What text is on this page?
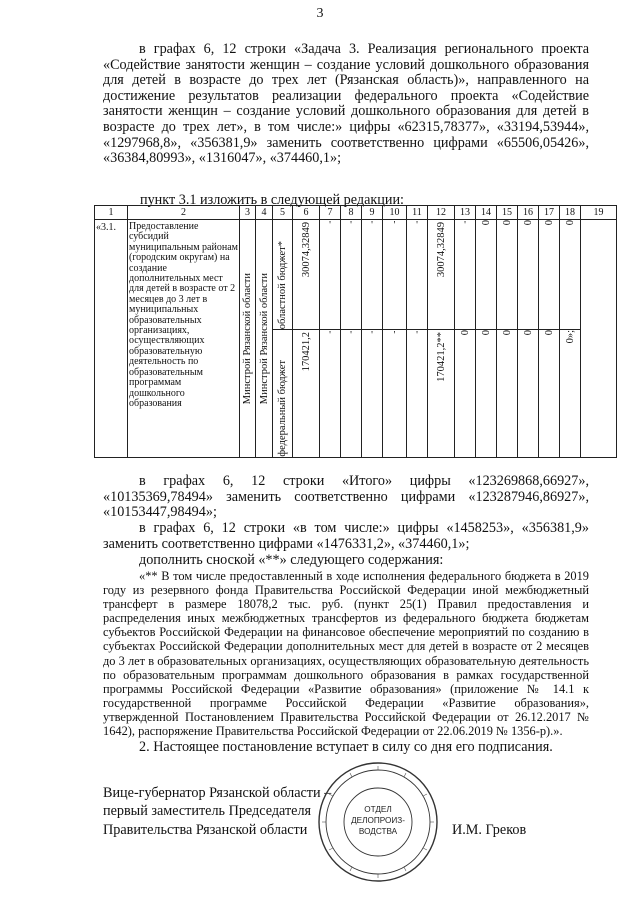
3

в графах 6, 12 строки «Задача 3. Реализация регионального проекта «Содействие занятости женщин – создание условий дошкольного образования для детей в возрасте до трех лет (Рязанская область)», направленного на достижение результатов реализации федерального проекта «Содействие занятости женщин – создание условий дошкольного образования для детей в возрасте до трех лет», в том числе:» цифры «62315,78377», «33194,53944», «1297968,8», «356381,9» заменить соответственно цифрами «65506,05426», «36384,80993», «1316047», «374460,1»;

пункт 3.1 изложить в следующей редакции:
1	2	3	4	5	6	7	8	9	10	11	12	13	14	15	16	17	18	19
«3.1.	Предоставление субсидий муниципальным районам (городским округам) на создание дополнительных мест для детей в возрасте от 2 месяцев до 3 лет в муниципальных образовательных организациях, осуществляющих образовательную деятельность по образовательным программам дошкольного образования	Минстрой Рязанской области	Минстрой Рязанской области	областной бюджет*	30074,32849	'	'	'	'	'	30074,32849	'	0	0	0	0	0	

				федеральный бюджет	170421,2	'	'	'	'	'	170421,2**	0	0	0	0	0	0»;	

в графах 6, 12 строки «Итого» цифры «123269868,66927», «10135369,78494» заменить соответственно цифрами «123287946,86927», «10153447,98494»;

в графах 6, 12 строки «в том числе:» цифры «1458253», «356381,9» заменить соответственно цифрами «1476331,2», «374460,1»;

дополнить сноской «**» следующего содержания:

«** В том числе предоставленный в ходе исполнения федерального бюджета в 2019 году из резервного фонда Правительства Российской Федерации иной межбюджетный трансферт в размере 18078,2 тыс. руб. (пункт 25(1) Правил предоставления и распределения иных межбюджетных трансфертов из федерального бюджета бюджетам субъектов Российской Федерации на финансовое обеспечение мероприятий по созданию в субъектах Российской Федерации дополнительных мест для детей в возрасте от 2 месяцев до 3 лет в образовательных организациях, осуществляющих образовательную деятельность по образовательным программам дошкольного образования в рамках государственной программы Российской Федерации «Развитие образования» (приложение № 14.1 к государственной программе Российской Федерации «Развитие образования», утвержденной Постановлением Правительства Российской Федерации от 26.12.2017 № 1642), распоряжение Правительства Российской Федерации от 22.06.2019 № 1356-р).».

2. Настоящее постановление вступает в силу со дня его подписания.

Вице-губернатор Рязанской области –
первый заместитель Председателя
Правительства Рязанской области	И.М. Греков
ОТДЕЛ
ДЕЛОПРОИЗ-
ВОДСТВА
